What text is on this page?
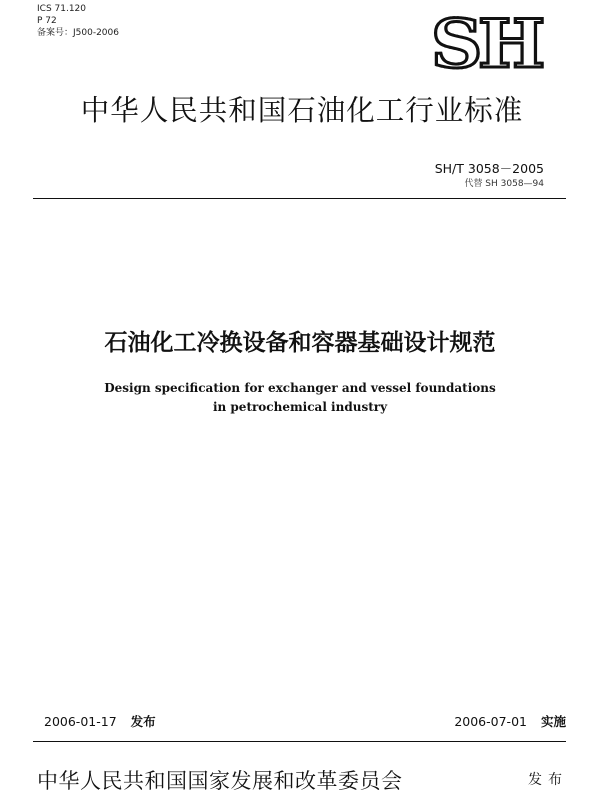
ICS 71.120
P 72
备案号：J500-2006	SH
中华人民共和国石油化工行业标准
SH/T 3058－2005
代替 SH 3058—94
石油化工冷换设备和容器基础设计规范
Design specification for exchanger and vessel foundations
in petrochemical industry
2006-01-17 发布	2006-07-01 实施
中华人民共和国国家发展和改革委员会	发布
